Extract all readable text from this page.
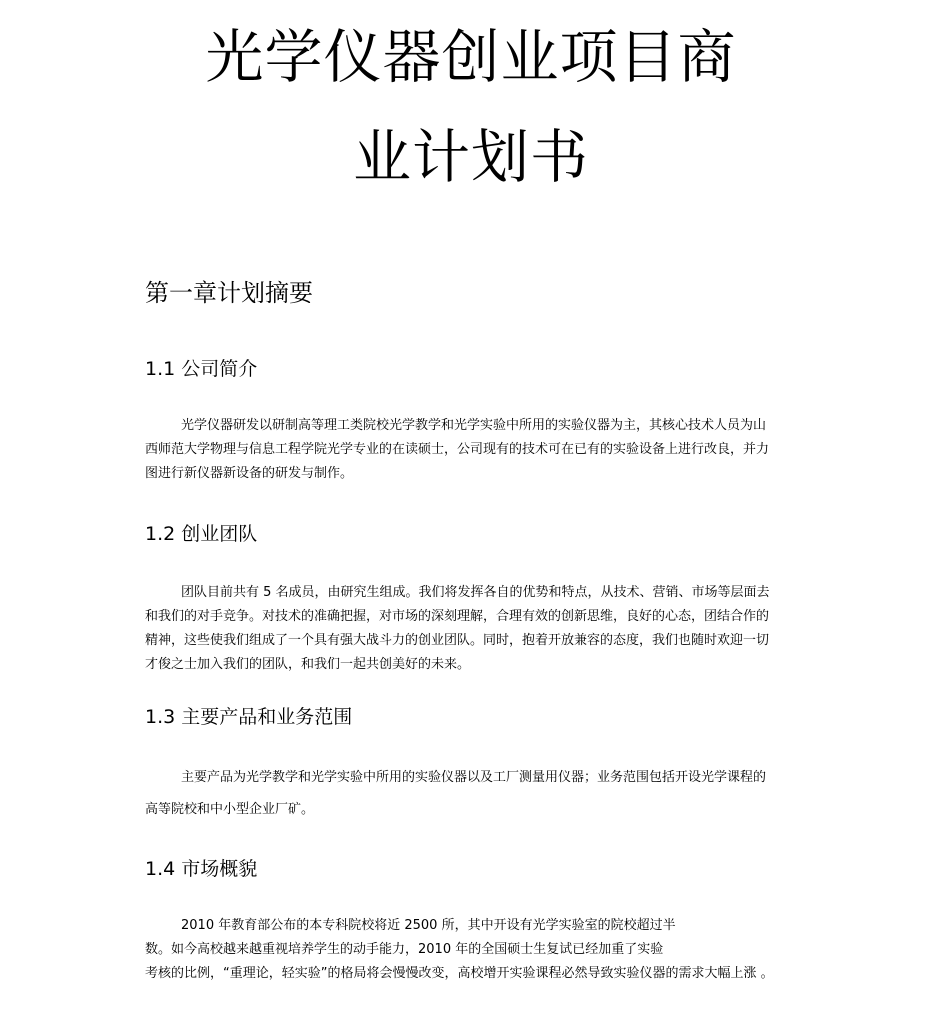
光学仪器创业项目商
业计划书
第一章计划摘要
1.1 公司简介
光学仪器研发以研制高等理工类院校光学教学和光学实验中所用的实验仪器为主，其核心技术人员为山
西师范大学物理与信息工程学院光学专业的在读硕士，公司现有的技术可在已有的实验设备上进行改良，并力
图进行新仪器新设备的研发与制作。
1.2 创业团队
团队目前共有 5 名成员，由研究生组成。我们将发挥各自的优势和特点，从技术、营销、市场等层面去
和我们的对手竞争。对技术的准确把握，对市场的深刻理解，合理有效的创新思维，良好的心态，团结合作的
精神，这些使我们组成了一个具有强大战斗力的创业团队。同时，抱着开放兼容的态度，我们也随时欢迎一切
才俊之士加入我们的团队，和我们一起共创美好的未来。
1.3 主要产品和业务范围
主要产品为光学教学和光学实验中所用的实验仪器以及工厂测量用仪器；业务范围包括开设光学课程的
高等院校和中小型企业厂矿。
1.4 市场概貌
2010 年教育部公布的本专科院校将近 2500 所，其中开设有光学实验室的院校超过半
数。如今高校越来越重视培养学生的动手能力，2010 年的全国硕士生复试已经加重了实验
考核的比例，“重理论，轻实验”的格局将会慢慢改变，高校增开实验课程必然导致实验仪器的需求大幅上涨 。
